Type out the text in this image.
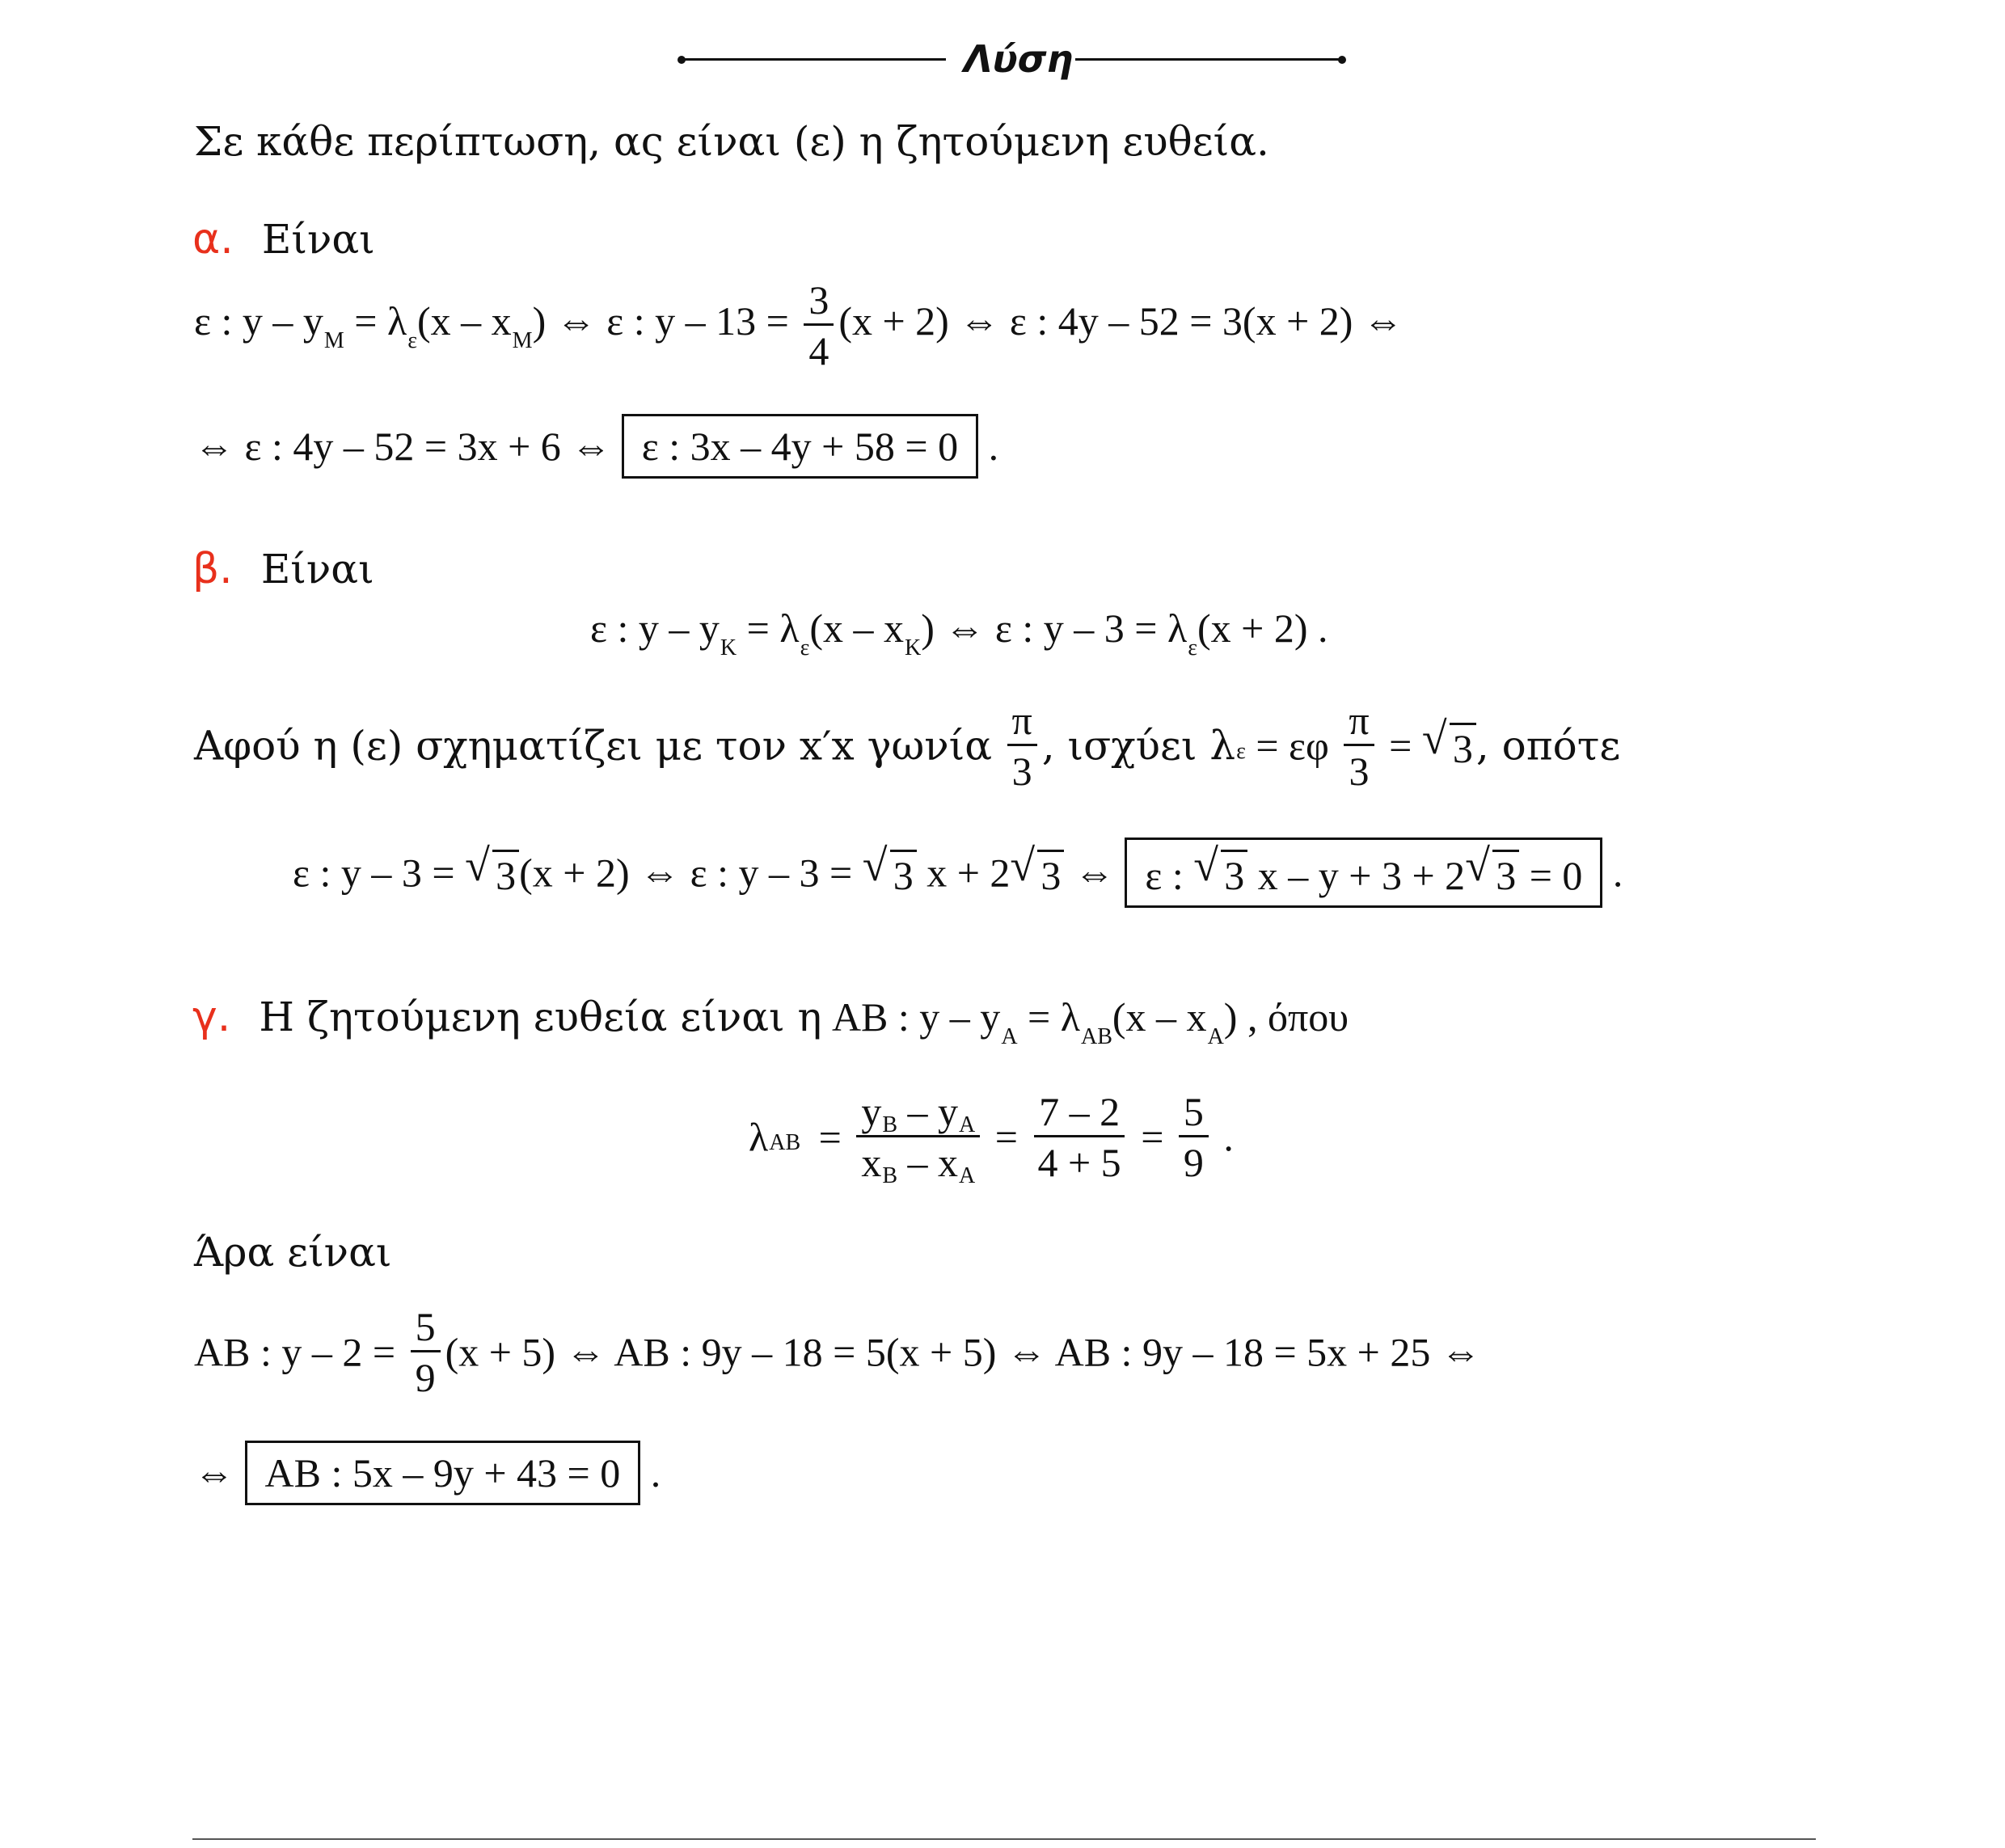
Λύση
Σε κάθε περίπτωση, ας είναι (ε) η ζητούμενη ευθεία.
α. Είναι
ε : $y - y_M = \lambda_\varepsilon(x - x_M)$ ⇔ ε : $y - 13 = \frac{3}{4} (x + 2)$ ⇔ ε : 4y – 52 = 3(x + 2) ⇔
⇔ ε : 4y – 52 = 3x + 6 ⇔ ε : 3x – 4y + 58 = 0 .
β. Είναι
ε : $y - y_K = \lambda_\varepsilon(x - x_K)$ ⇔ ε : $y - 3 = \lambda_\varepsilon(x + 2)$ .
Αφού η (ε) σχηματίζει με τον x′x γωνία $\frac{\pi}{3}$ , ισχύει λε = εφ $\frac{\pi}{3}$ = √ 3, οπότε
ε : y – 3 = √ 3(x + 2) ⇔ ε : y – 3 = √ 3 x + 2 √ 3 ⇔ ε : √ 3 x – y + 3 + 2 √ 3 = 0 .
γ. Η ζητούμενη ευθεία είναι η AB : y – yA = λAB(x – xA) , όπου
$\lambda AB = \frac{yB - yA}{xB - xA} = \frac{7 - 2}{4 + 5} = \frac{5}{9}$ .
Άρα είναι
AB : $y - 2 = \frac{5}{9} (x + 5)$ ⇔ AB : 9y – 18 = 5(x + 5) ⇔ AB : 9y – 18 = 5x + 25 ⇔
⇔ AB : 5x – 9y + 43 = 0 .
